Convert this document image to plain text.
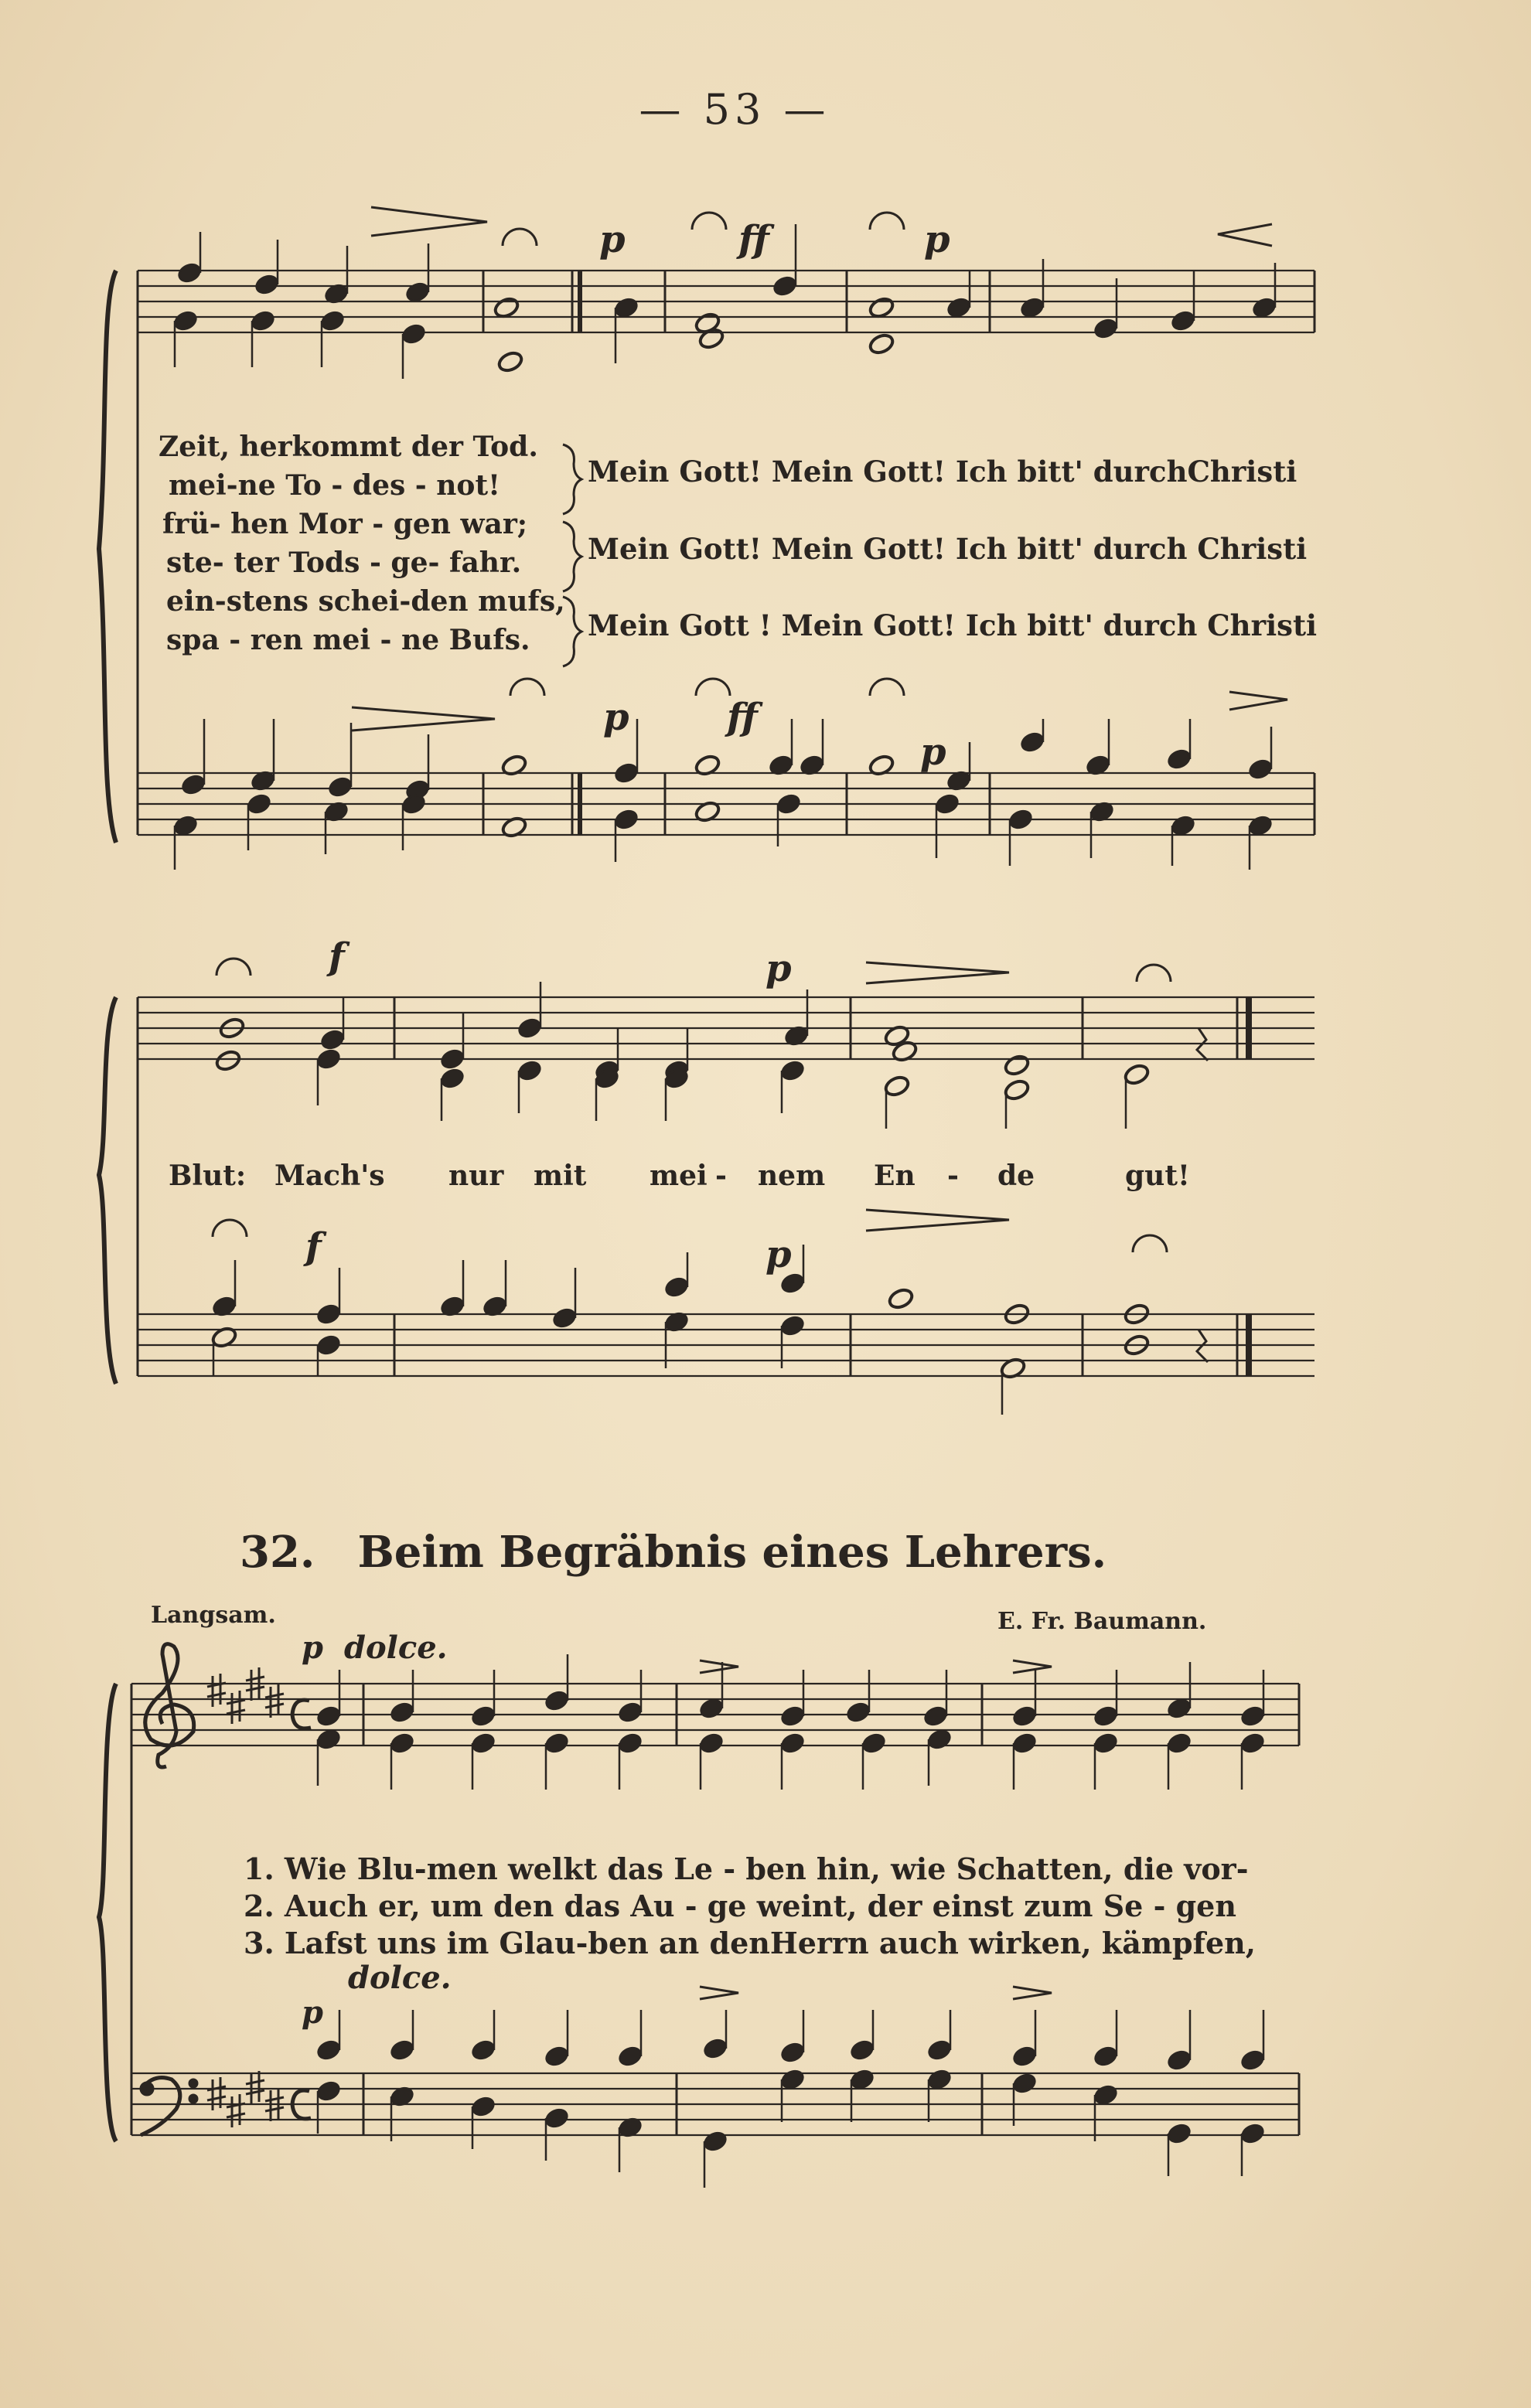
— 53 —
Zeit, herkommt der Tod.
mei-ne To - des - not!
frü- hen Mor - gen war;
ste- ter Tods - ge- fahr.
ein-stens schei-den mufs,
spa - ren mei - ne Bufs.
Mein Gott! Mein Gott! Ich bitt' durchChristi
Mein Gott! Mein Gott! Ich bitt' durch Christi
Mein Gott ! Mein Gott! Ich bitt' durch Christi
p	ff	p
p	ff
p
Blut: Mach's nur mit mei - nem En - de	gut!
f	p
f	p
32. Beim Begräbnis eines Lehrers.
Langsam.	E. Fr. Baumann.
p dolce.
p
dolce.
1. Wie Blu-men welkt das Le - ben hin, wie Schatten, die vor-
2. Auch er, um den das Au - ge weint, der einst zum Se - gen
3. Lafst uns im Glau-ben an denHerrn auch wirken, kämpfen,
